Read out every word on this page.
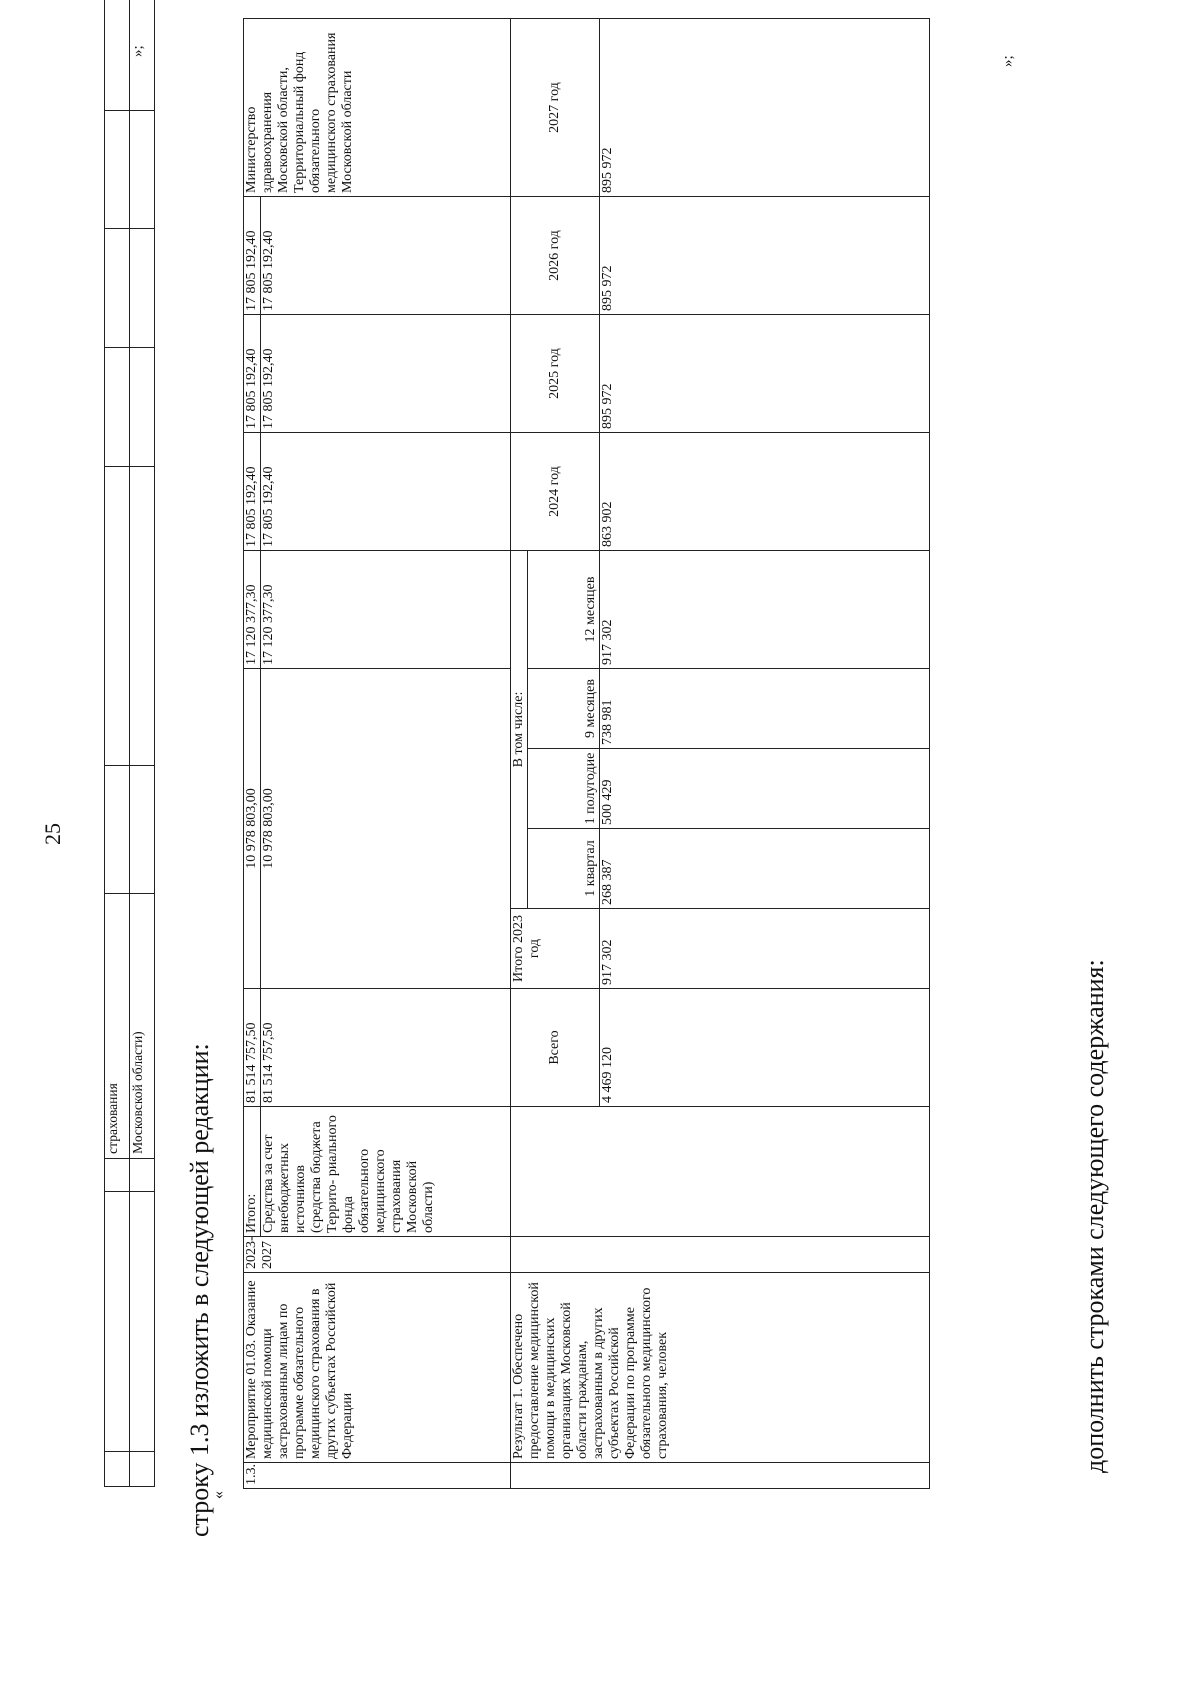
25
			страхования							
			Московской области)							
»;
строку 1.3 изложить в следующей редакции:
«
1.3.	Мероприятие 01.03. Оказание медицинской помощи застрахованным лицам по программе обязательного медицинского страхования в других субъектах Российской Федерации	2023-2027	Итого:	81 514 757,50	10 978 803,00				17 120 377,30	17 805 192,40	17 805 192,40	17 805 192,40	Министерство здравоохранения Московской области, Территориальный фонд обязательного медицинского страхования Московской области	
			Средства за счет внебюджетных источников (средства бюджета Террито- риального фонда обязательного медицинского страхования Московской области)	81 514 757,50	10 978 803,00				17 120 377,30	17 805 192,40	17 805 192,40	17 805 192,40		
	Результат 1. Обеспечено предоставление медицинской помощи в медицинских организациях Московской области гражданам, застрахованным в других субъектах Российской Федерации по программе обязательного медицинского страхования, человек			Всего	Итого 2023 год	В том числе:				2024 год	2025 год	2026 год	2027 год	
						1 квартал	1 полугодие	9 месяцев	12 месяцев					
				4 469 120	917 302	268 387	500 429	738 981	917 302	863 902	895 972	895 972	895 972	
»;
дополнить строками следующего содержания:
